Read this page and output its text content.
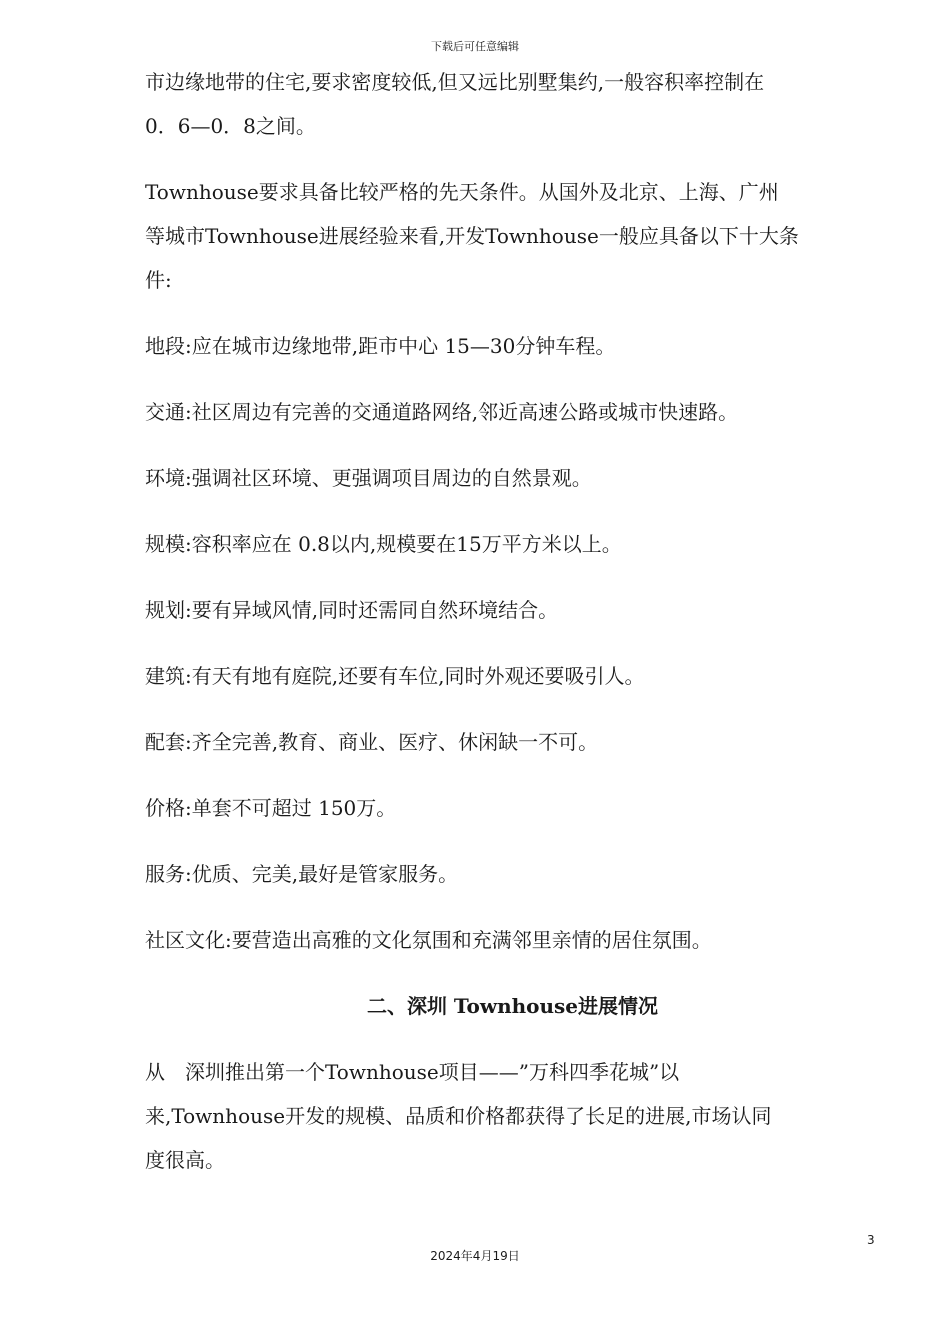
下载后可任意编辑

市边缘地带的住宅,要求密度较低,但又远比别墅集约,一般容积率控制在

0．6—0．8之间。

Townhouse要求具备比较严格的先天条件。从国外及北京、上海、广州

等城市Townhouse进展经验来看,开发Townhouse一般应具备以下十大条

件:

地段:应在城市边缘地带,距市中心 15—30分钟车程。

交通:社区周边有完善的交通道路网络,邻近高速公路或城市快速路。

环境:强调社区环境、更强调项目周边的自然景观。

规模:容积率应在 0.8以内,规模要在15万平方米以上。

规划:要有异域风情,同时还需同自然环境结合。

建筑:有天有地有庭院,还要有车位,同时外观还要吸引人。

配套:齐全完善,教育、商业、医疗、休闲缺一不可。

价格:单套不可超过 150万。

服务:优质、完美,最好是管家服务。

社区文化:要营造出高雅的文化氛围和充满邻里亲情的居住氛围。

二、深圳 Townhouse进展情况

从　深圳推出第一个Townhouse项目——”万科四季花城”以

来,Townhouse开发的规模、品质和价格都获得了长足的进展,市场认同

度很高。

3
2024年4月19日
